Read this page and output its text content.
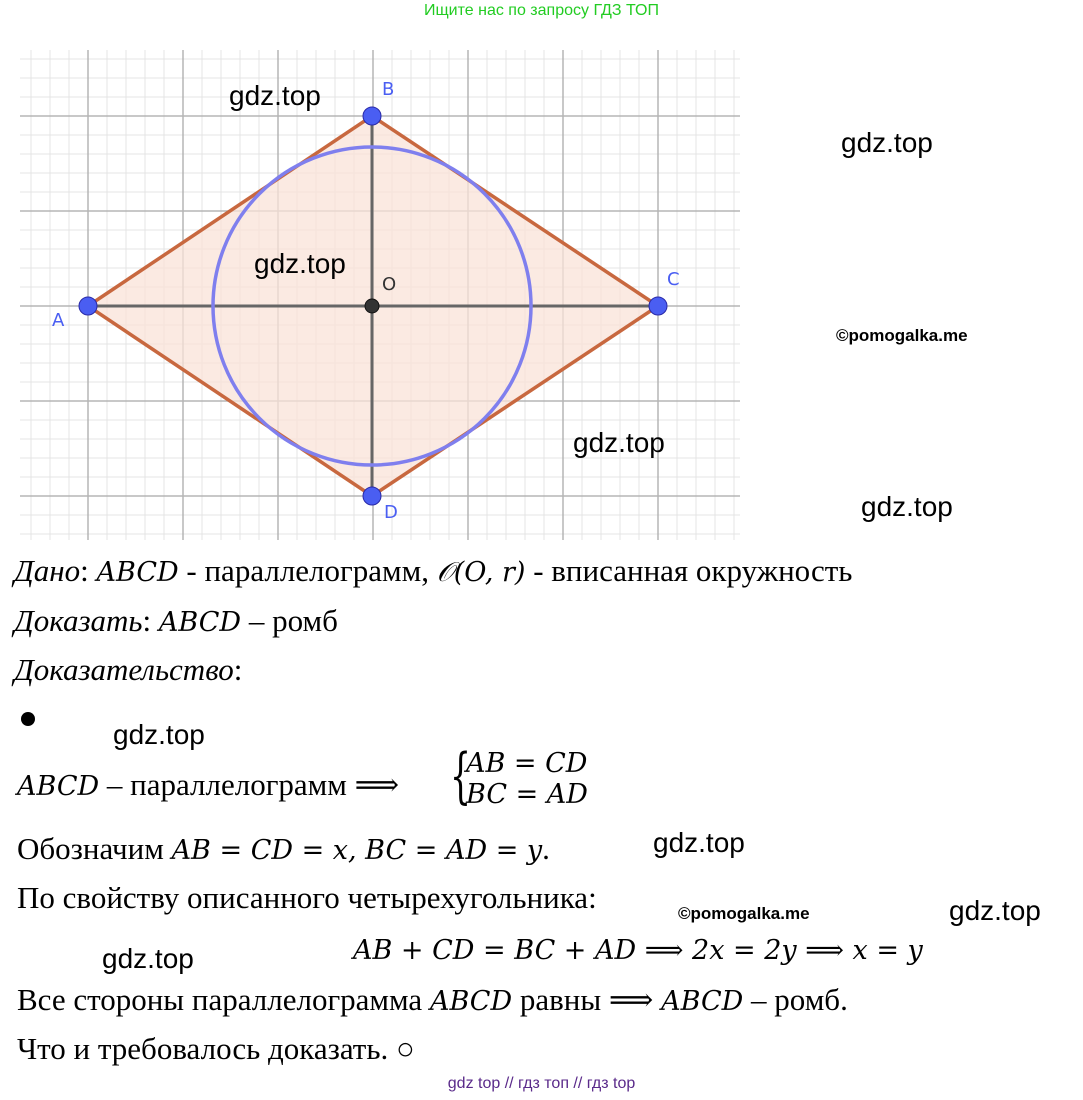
Ищите нас по запросу ГДЗ ТОП
A
B
C
D
O
gdz.top
gdz.top
gdz.top
©pomogalka.me
gdz.top
gdz.top
gdz.top
gdz.top
©pomogalka.me	gdz.top
gdz.top
Дано: ABCD - параллелограмм, 𝒪(O, r) - вписанная окружность
Доказать: ABCD – ромб
Доказательство:
ABCD – параллелограмм ⟹ {
AB = CD
BC = AD
Обозначим AB = CD = x, BC = AD = y.
По свойству описанного четырехугольника:
AB + CD = BC + AD ⟹ 2x = 2y ⟹ x = y
Все стороны параллелограмма ABCD равны ⟹ ABCD – ромб.
Что и требовалось доказать. ○
gdz top // гдз топ // гдз top
